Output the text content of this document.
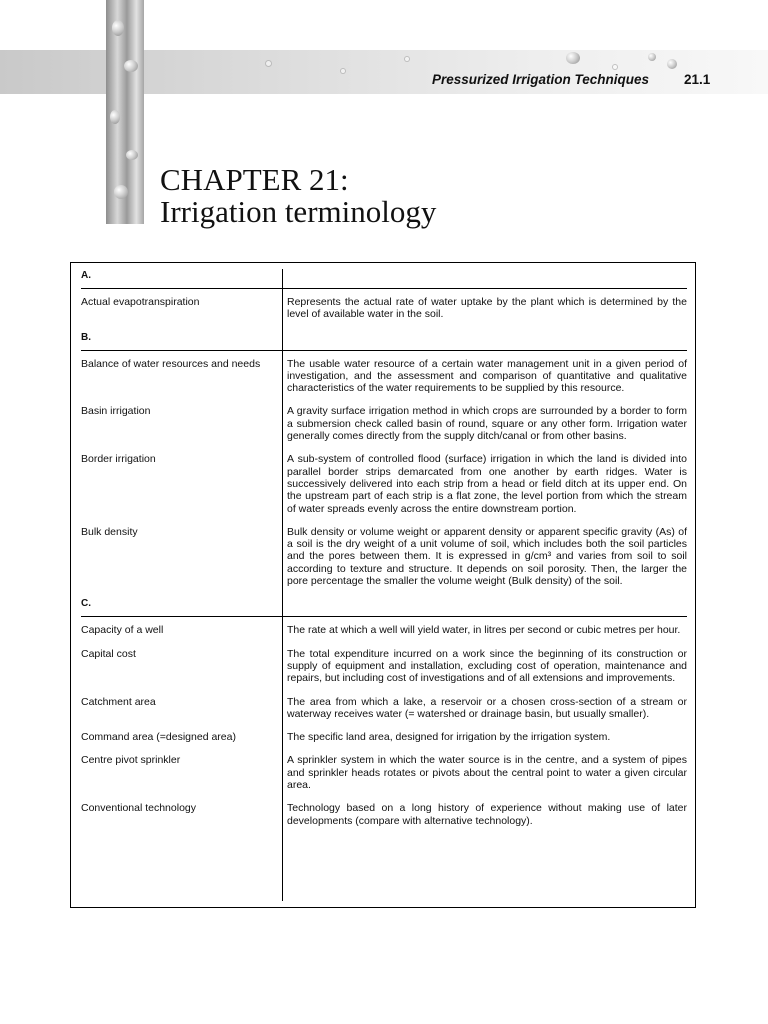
Pressurized Irrigation Techniques	21.1
CHAPTER 21:
Irrigation terminology
A.
Actual evapotranspiration	Represents the actual rate of water uptake by the plant which is determined by the level of available water in the soil.
B.
Balance of water resources and needs	The usable water resource of a certain water management unit in a given period of investigation, and the assessment and comparison of quantitative and qualitative characteristics of the water requirements to be supplied by this resource.
Basin irrigation	A gravity surface irrigation method in which crops are surrounded by a border to form a submersion check called basin of round, square or any other form. Irrigation water generally comes directly from the supply ditch/canal or from other basins.
Border irrigation	A sub-system of controlled flood (surface) irrigation in which the land is divided into parallel border strips demarcated from one another by earth ridges. Water is successively delivered into each strip from a head or field ditch at its upper end. On the upstream part of each strip is a flat zone, the level portion from which the stream of water spreads evenly across the entire downstream portion.
Bulk density	Bulk density or volume weight or apparent density or apparent specific gravity (As) of a soil is the dry weight of a unit volume of soil, which includes both the soil particles and the pores between them. It is expressed in g/cm³ and varies from soil to soil according to texture and structure. It depends on soil porosity. Then, the larger the pore percentage the smaller the volume weight (Bulk density) of the soil.
C.
Capacity of a well	The rate at which a well will yield water, in litres per second or cubic metres per hour.
Capital cost	The total expenditure incurred on a work since the beginning of its construction or supply of equipment and installation, excluding cost of operation, maintenance and repairs, but including cost of investigations and of all extensions and improvements.
Catchment area	The area from which a lake, a reservoir or a chosen cross-section of a stream or waterway receives water (= watershed or drainage basin, but usually smaller).
Command area (=designed area)	The specific land area, designed for irrigation by the irrigation system.
Centre pivot sprinkler	A sprinkler system in which the water source is in the centre, and a system of pipes and sprinkler heads rotates or pivots about the central point to water a given circular area.
Conventional technology	Technology based on a long history of experience without making use of later developments (compare with alternative technology).
